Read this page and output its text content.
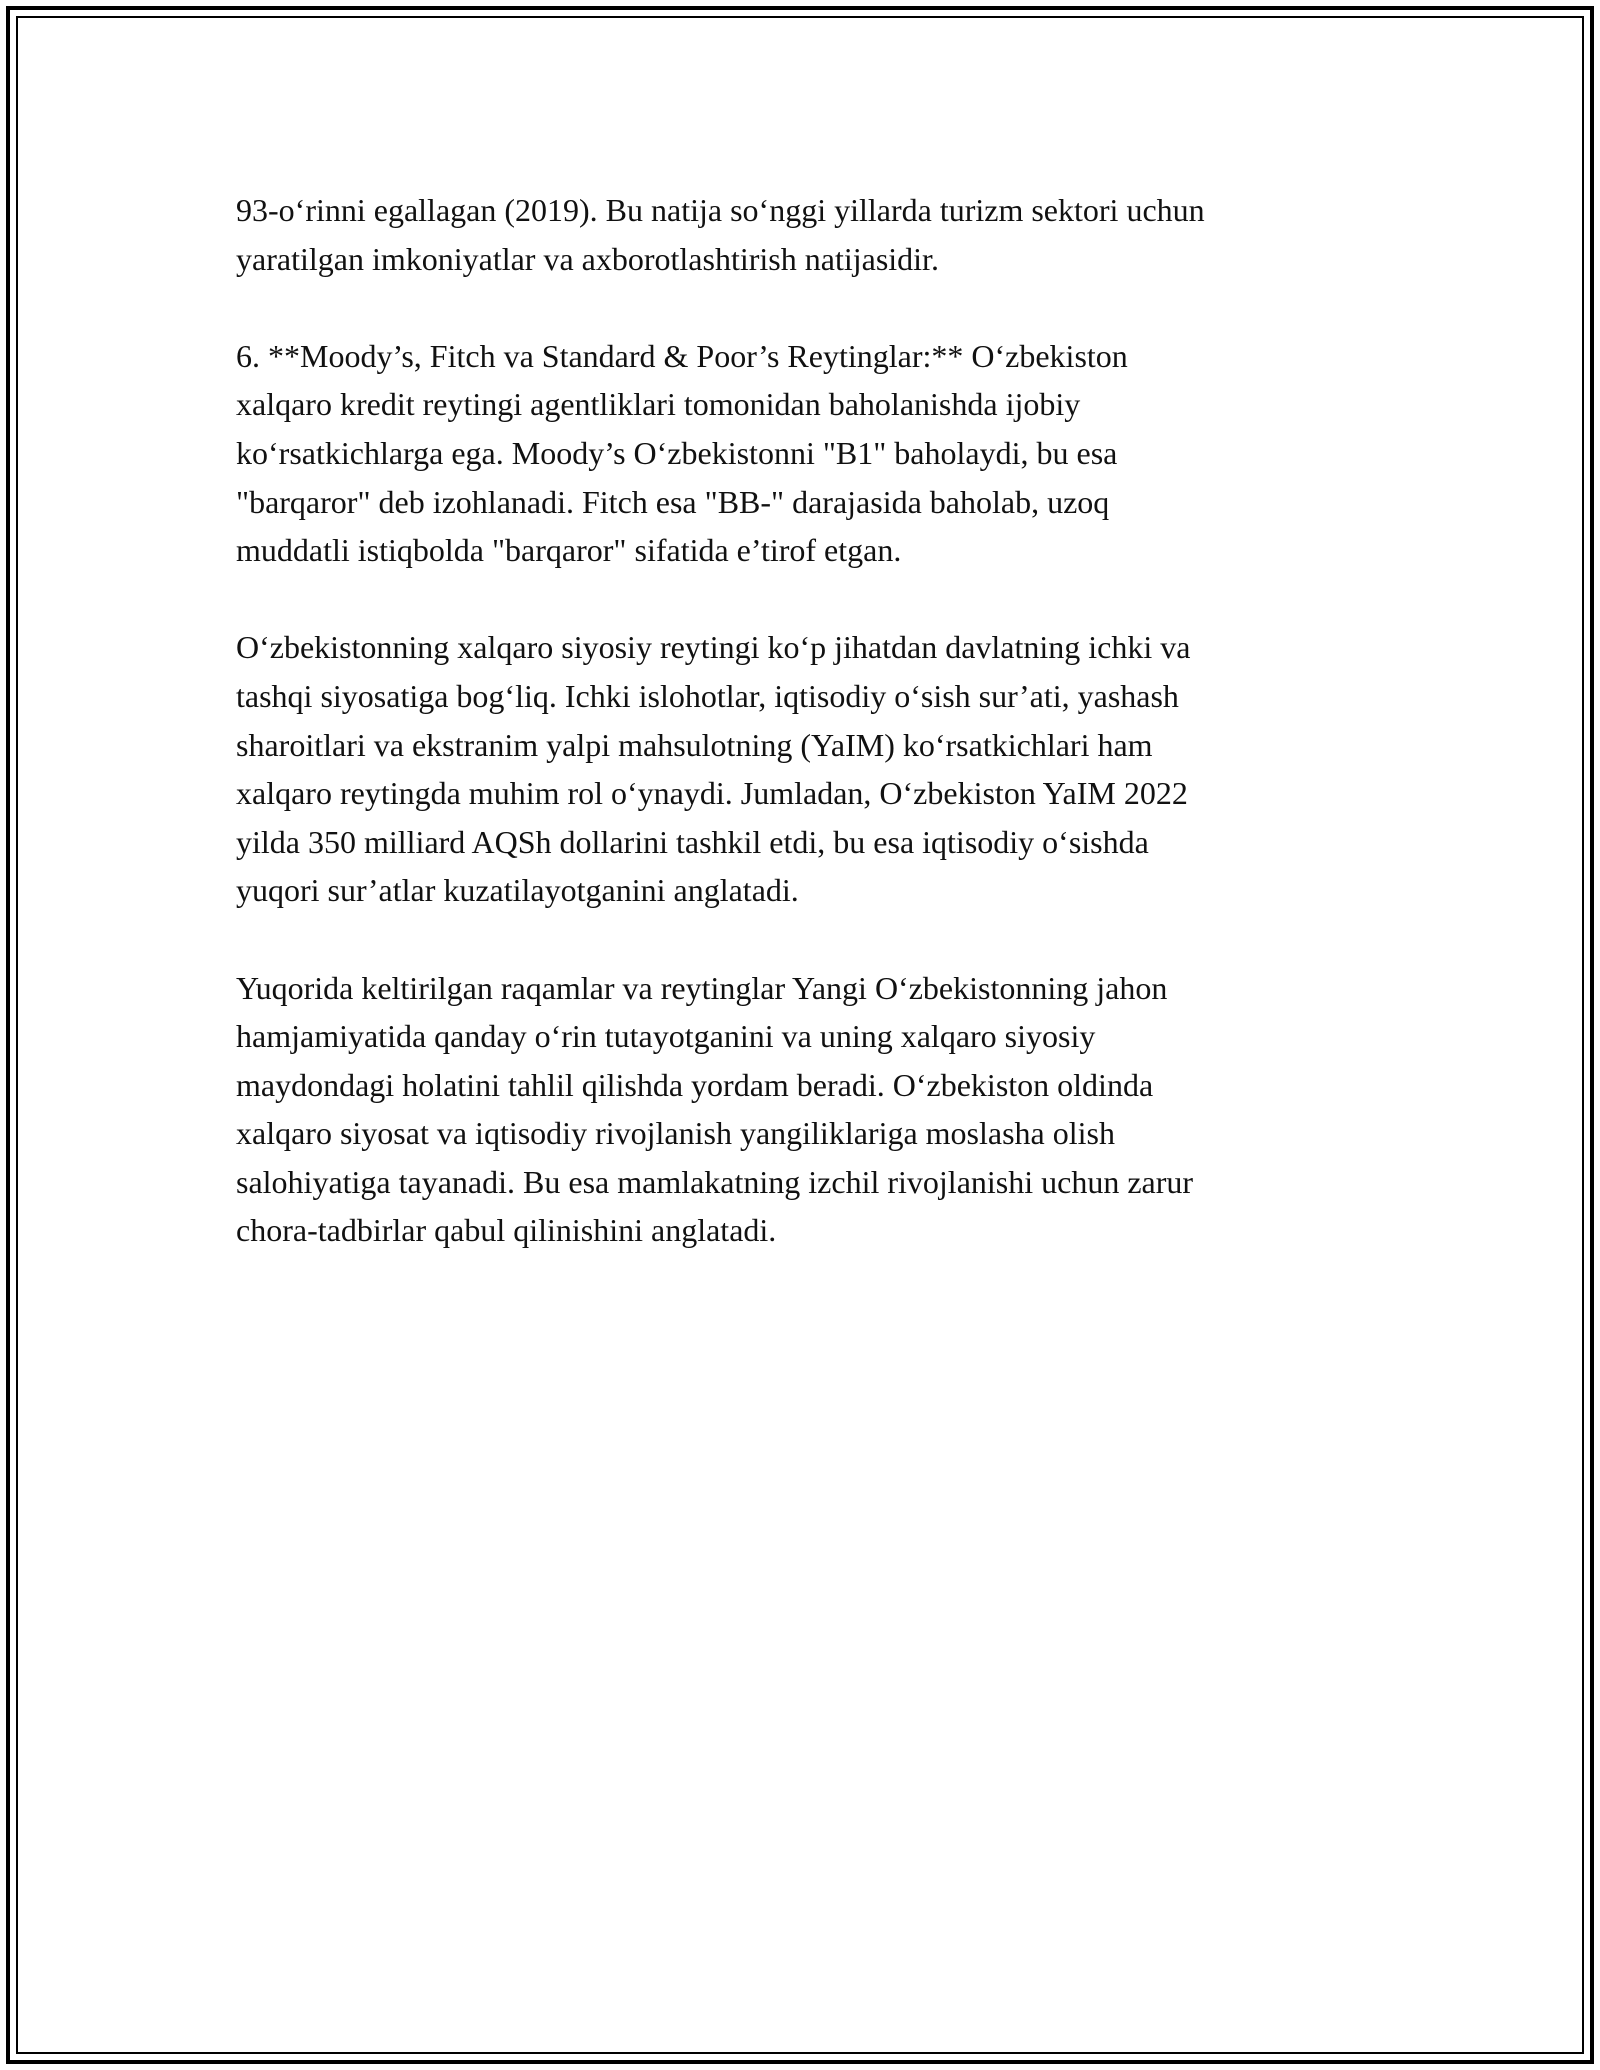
93-o‘rinni egallagan (2019). Bu natija so‘nggi yillarda turizm sektori uchun
yaratilgan imkoniyatlar va axborotlashtirish natijasidir.

6. **Moody’s, Fitch va Standard & Poor’s Reytinglar:** O‘zbekiston
xalqaro kredit reytingi agentliklari tomonidan baholanishda ijobiy
ko‘rsatkichlarga ega. Moody’s O‘zbekistonni "B1" baholaydi, bu esa
"barqaror" deb izohlanadi. Fitch esa "BB-" darajasida baholab, uzoq
muddatli istiqbolda "barqaror" sifatida e’tirof etgan.

O‘zbekistonning xalqaro siyosiy reytingi ko‘p jihatdan davlatning ichki va
tashqi siyosatiga bog‘liq. Ichki islohotlar, iqtisodiy o‘sish sur’ati, yashash
sharoitlari va ekstranim yalpi mahsulotning (YaIM) ko‘rsatkichlari ham
xalqaro reytingda muhim rol o‘ynaydi. Jumladan, O‘zbekiston YaIM 2022
yilda 350 milliard AQSh dollarini tashkil etdi, bu esa iqtisodiy o‘sishda
yuqori sur’atlar kuzatilayotganini anglatadi.

Yuqorida keltirilgan raqamlar va reytinglar Yangi O‘zbekistonning jahon
hamjamiyatida qanday o‘rin tutayotganini va uning xalqaro siyosiy
maydondagi holatini tahlil qilishda yordam beradi. O‘zbekiston oldinda
xalqaro siyosat va iqtisodiy rivojlanish yangiliklariga moslasha olish
salohiyatiga tayanadi. Bu esa mamlakatning izchil rivojlanishi uchun zarur
chora-tadbirlar qabul qilinishini anglatadi.
